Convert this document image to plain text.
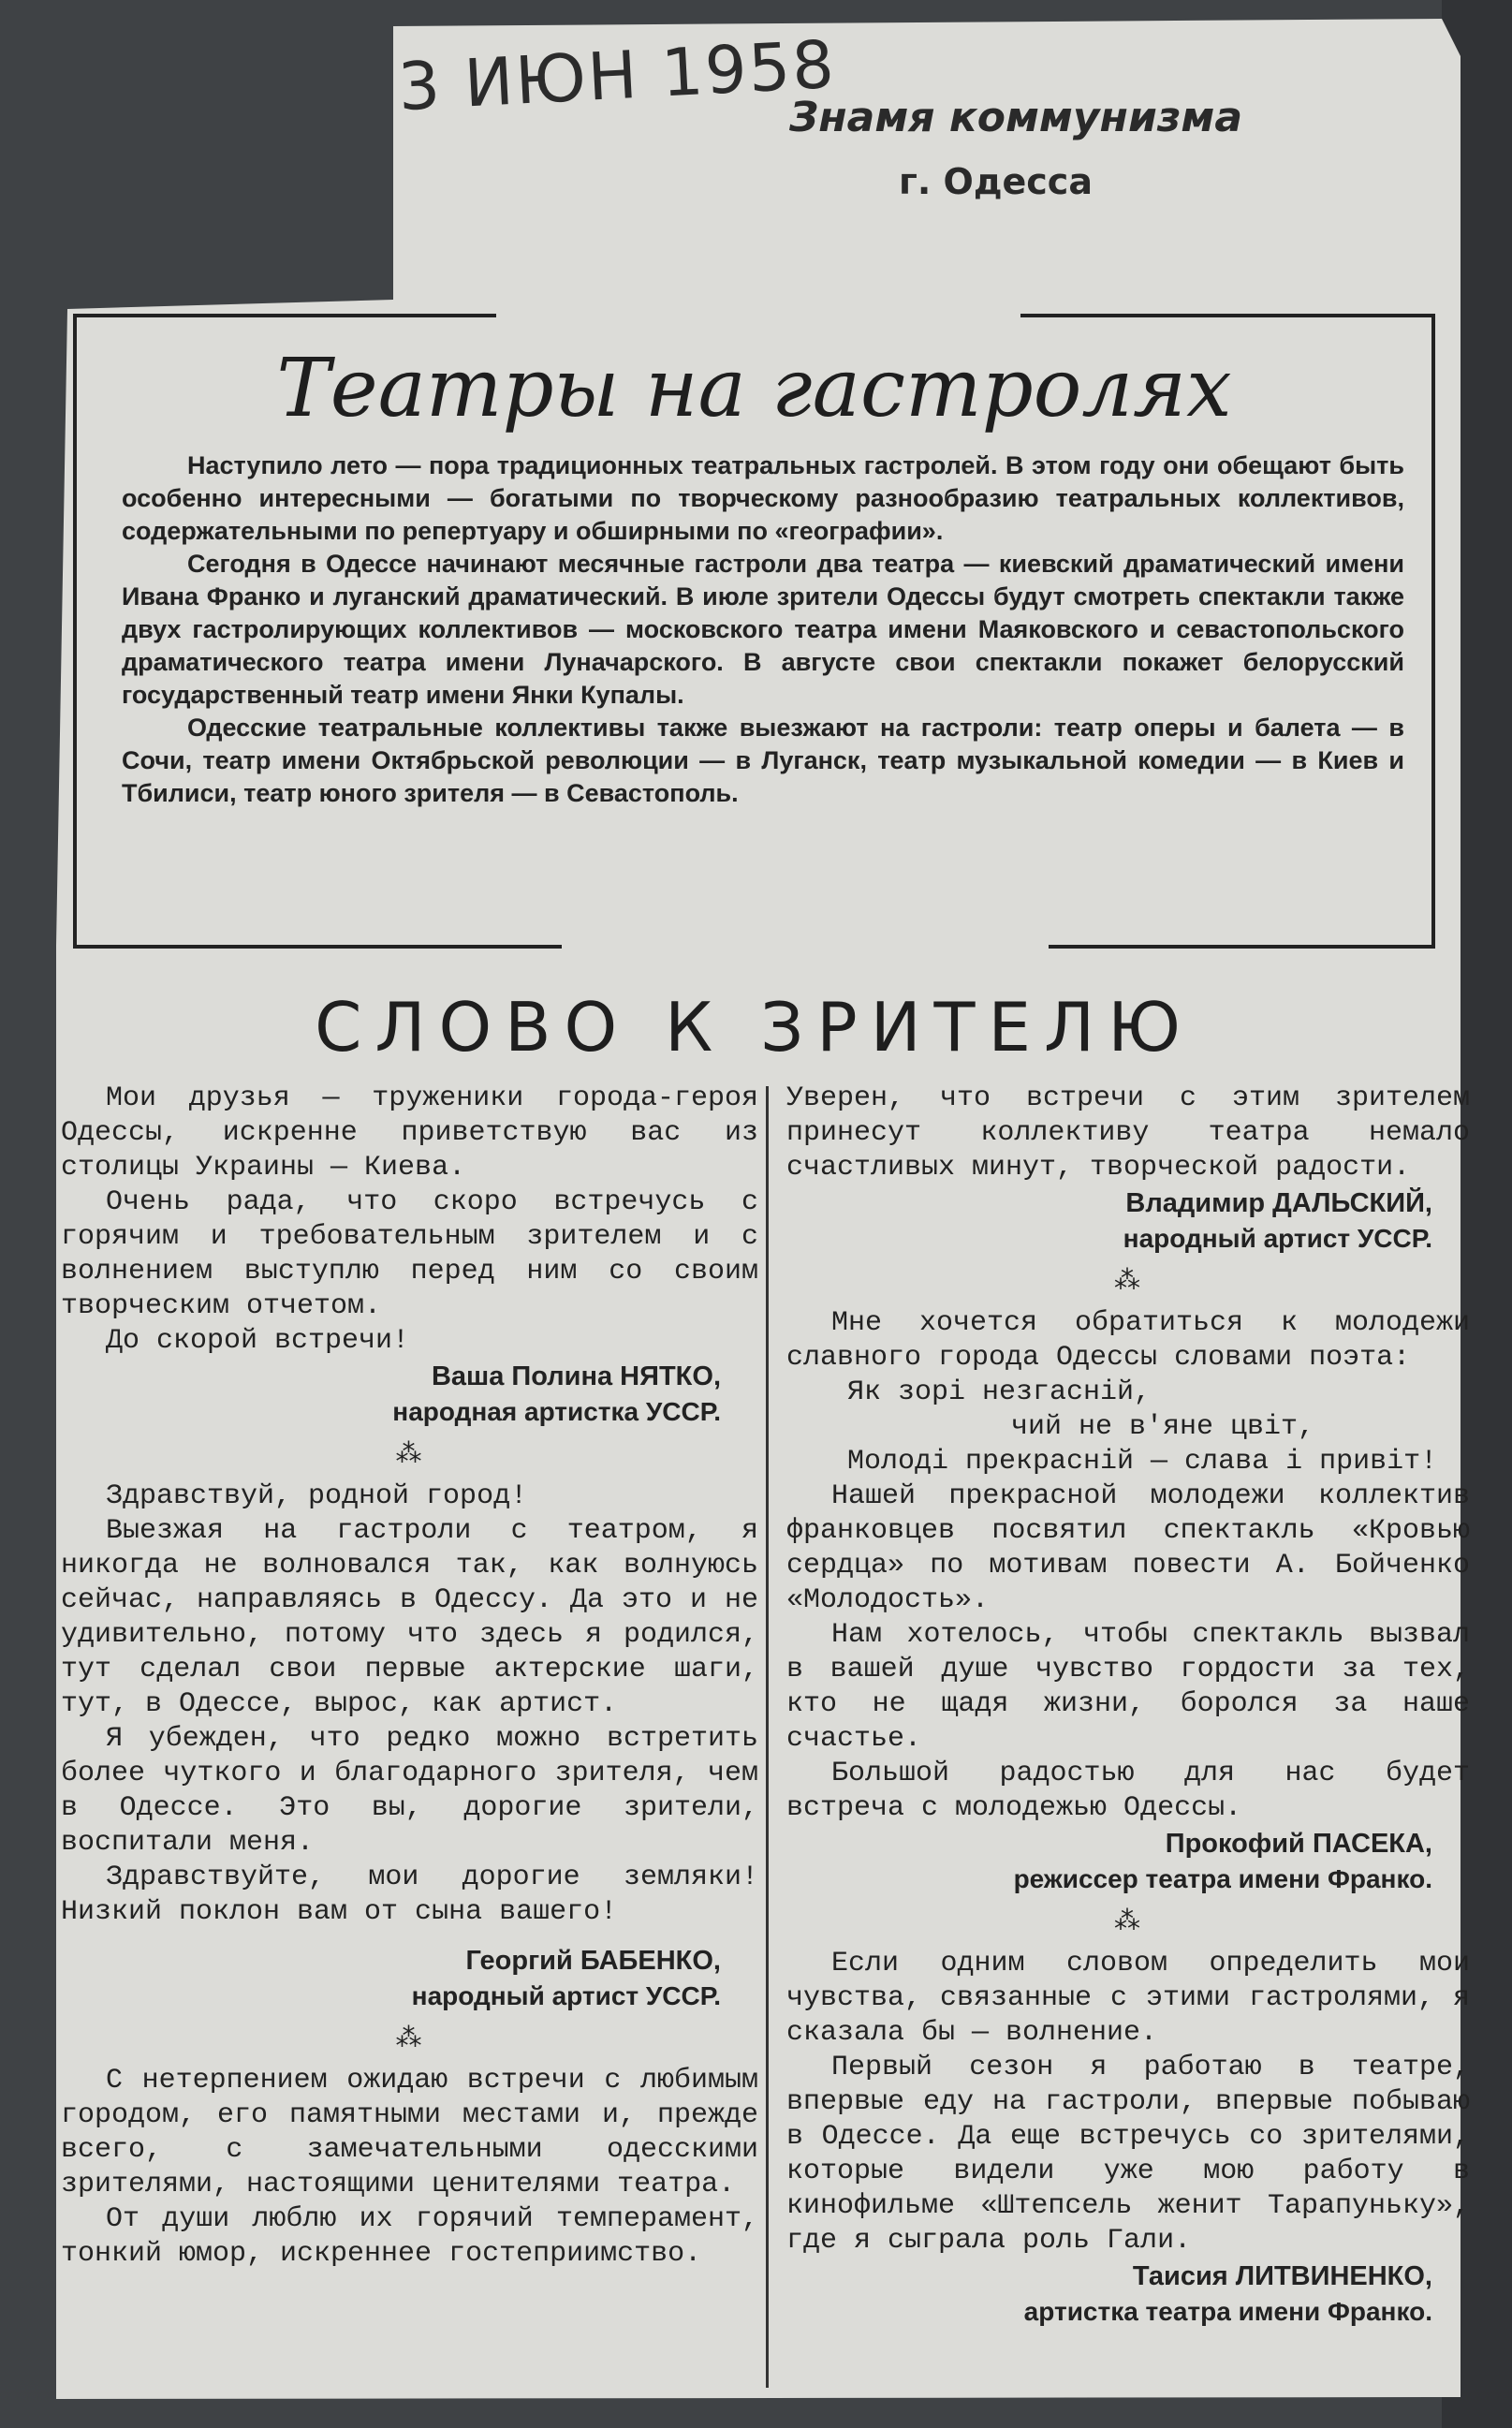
3 ИЮН 1958
Знамя коммунизма
г. Одесса
Театры на гастролях

Наступило лето — пора традиционных театральных гастролей. В этом году они обещают быть особенно интересными — богатыми по творческому разнообразию театральных коллективов, содержательными по репертуару и обширными по «географии».

Сегодня в Одессе начинают месячные гастроли два театра — киевский драматический имени Ивана Франко и луганский драматический. В июле зрители Одессы будут смотреть спектакли также двух гастролирующих коллективов — московского театра имени Маяковского и севастопольского драматического театра имени Луначарского. В августе свои спектакли покажет белорусский государственный театр имени Янки Купалы.

Одесские театральные коллективы также выезжают на гастроли: театр оперы и балета — в Сочи, театр имени Октябрьской революции — в Луганск, театр музыкальной комедии — в Киев и Тбилиси, театр юного зрителя — в Севастополь.

СЛОВО К ЗРИТЕЛЮ

Мои друзья — труженики города-героя Одессы, искренне приветствую вас из столицы Украины — Киева.

Очень рада, что скоро встречусь с горячим и требовательным зрителем и с волнением выступлю перед ним со своим творческим отчетом.

До скорой встречи!

Ваша Полина НЯТКО,

народная артистка УССР.

⁂

Здравствуй, родной город!

Выезжая на гастроли с театром, я никогда не волновался так, как волнуюсь сейчас, направляясь в Одессу. Да это и не удивительно, потому что здесь я родился, тут сделал свои первые актерские шаги, тут, в Одессе, вырос, как артист.

Я убежден, что редко можно встретить более чуткого и благодарного зрителя, чем в Одессе. Это вы, дорогие зрители, воспитали меня.

Здравствуйте, мои дорогие земляки! Низкий поклон вам от сына вашего!

Георгий БАБЕНКО,

народный артист УССР.

⁂

С нетерпением ожидаю встречи с любимым городом, его памятными местами и, прежде всего, с замечательными одесскими зрителями, настоящими ценителями театра.

От души люблю их горячий темперамент, тонкий юмор, искреннее гостеприимство.

Уверен, что встречи с этим зрителем принесут коллективу театра немало счастливых минут, творческой радости.

Владимир ДАЛЬСКИЙ,

народный артист УССР.

⁂

Мне хочется обратиться к молодежи славного города Одессы словами поэта:

Як зорі незгасній,

чий не в'яне цвіт,

Молоді прекрасній — слава і привіт!

Нашей прекрасной молодежи коллектив франковцев посвятил спектакль «Кровью сердца» по мотивам повести А. Бойченко «Молодость».

Нам хотелось, чтобы спектакль вызвал в вашей душе чувство гордости за тех, кто не щадя жизни, боролся за наше счастье.

Большой радостью для нас будет встреча с молодежью Одессы.

Прокофий ПАСЕКА,

режиссер театра имени Франко.

⁂

Если одним словом определить мои чувства, связанные с этими гастролями, я сказала бы — волнение.

Первый сезон я работаю в театре, впервые еду на гастроли, впервые побываю в Одессе. Да еще встречусь со зрителями, которые видели уже мою работу в кинофильме «Штепсель женит Тарапуньку», где я сыграла роль Гали.

Таисия ЛИТВИНЕНКО,

артистка театра имени Франко.
